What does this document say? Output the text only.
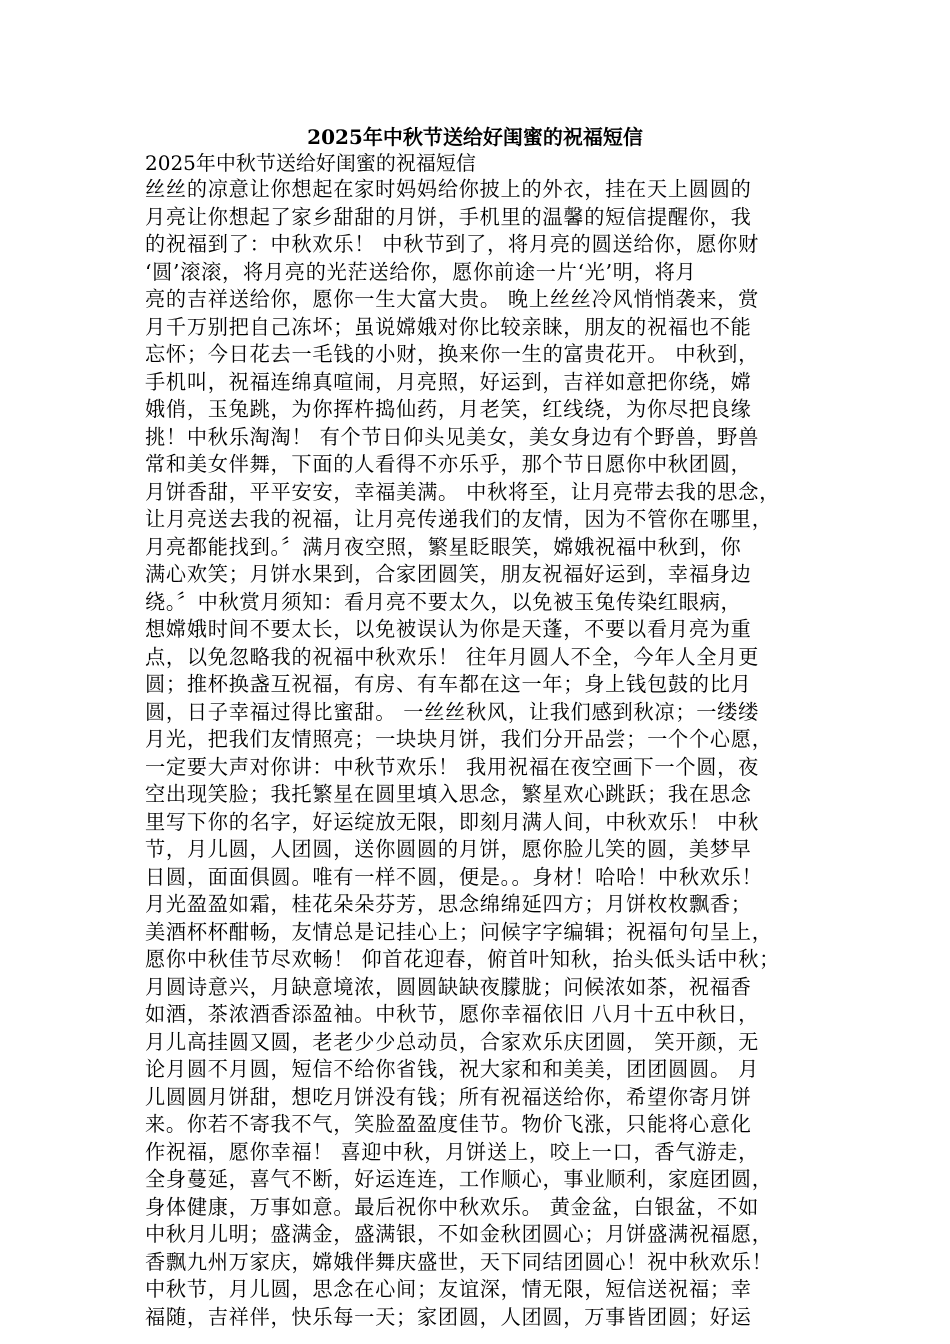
2025年中秋节送给好闺蜜的祝福短信
2025年中秋节送给好闺蜜的祝福短信
丝丝的凉意让你想起在家时妈妈给你披上的外衣，挂在天上圆圆的
月亮让你想起了家乡甜甜的月饼，手机里的温馨的短信提醒你，我
的祝福到了：中秋欢乐！ 中秋节到了，将月亮的圆送给你，愿你财
‘圆’滚滚，将月亮的光茫送给你，愿你前途一片‘光’明，将月
亮的吉祥送给你，愿你一生大富大贵。 晚上丝丝冷风悄悄袭来，赏
月千万别把自己冻坏；虽说嫦娥对你比较亲睐，朋友的祝福也不能
忘怀；今日花去一毛钱的小财，换来你一生的富贵花开。 中秋到，
手机叫，祝福连绵真喧闹，月亮照，好运到，吉祥如意把你绕，嫦
娥俏，玉兔跳，为你挥杵捣仙药，月老笑，红线绕，为你尽把良缘
挑！中秋乐淘淘！ 有个节日仰头见美女，美女身边有个野兽，野兽
常和美女伴舞，下面的人看得不亦乐乎，那个节日愿你中秋团圆，
月饼香甜，平平安安，幸福美满。 中秋将至，让月亮带去我的思念，
让月亮送去我的祝福，让月亮传递我们的友情，因为不管你在哪里，
月亮都能找到。〞满月夜空照，繁星眨眼笑，嫦娥祝福中秋到，你
满心欢笑；月饼水果到，合家团圆笑，朋友祝福好运到，幸福身边
绕。〞中秋赏月须知：看月亮不要太久，以免被玉兔传染红眼病，
想嫦娥时间不要太长，以免被误认为你是天蓬，不要以看月亮为重
点，以免忽略我的祝福中秋欢乐！ 往年月圆人不全，今年人全月更
圆；推杯换盏互祝福，有房、有车都在这一年；身上钱包鼓的比月
圆，日子幸福过得比蜜甜。 一丝丝秋风，让我们感到秋凉；一缕缕
月光，把我们友情照亮；一块块月饼，我们分开品尝；一个个心愿，
一定要大声对你讲：中秋节欢乐！ 我用祝福在夜空画下一个圆，夜
空出现笑脸；我托繁星在圆里填入思念，繁星欢心跳跃；我在思念
里写下你的名字，好运绽放无限，即刻月满人间，中秋欢乐！ 中秋
节，月儿圆，人团圆，送你圆圆的月饼，愿你脸儿笑的圆，美梦早
日圆，面面俱圆。唯有一样不圆，便是。。身材！哈哈！中秋欢乐！
月光盈盈如霜，桂花朵朵芬芳，思念绵绵延四方；月饼枚枚飘香；
美酒杯杯酣畅，友情总是记挂心上；问候字字编辑；祝福句句呈上，
愿你中秋佳节尽欢畅！ 仰首花迎春，俯首叶知秋，抬头低头话中秋；
月圆诗意兴，月缺意境浓，圆圆缺缺夜朦胧；问候浓如茶，祝福香
如酒，茶浓酒香添盈袖。中秋节，愿你幸福依旧 八月十五中秋日，
月儿高挂圆又圆，老老少少总动员，合家欢乐庆团圆， 笑开颜，无
论月圆不月圆，短信不给你省钱，祝大家和和美美，团团圆圆。 月
儿圆圆月饼甜，想吃月饼没有钱；所有祝福送给你，希望你寄月饼
来。你若不寄我不气，笑脸盈盈度佳节。物价飞涨，只能将心意化
作祝福，愿你幸福！ 喜迎中秋，月饼送上，咬上一口，香气游走，
全身蔓延，喜气不断，好运连连，工作顺心，事业顺利，家庭团圆，
身体健康，万事如意。最后祝你中秋欢乐。 黄金盆，白银盆，不如
中秋月儿明；盛满金，盛满银，不如金秋团圆心；月饼盛满祝福愿，
香飘九州万家庆，嫦娥伴舞庆盛世，天下同结团圆心！祝中秋欢乐！
中秋节，月儿圆，思念在心间；友谊深，情无限，短信送祝福；幸
福随，吉祥伴，快乐每一天；家团圆，人团圆，万事皆团圆；好运
